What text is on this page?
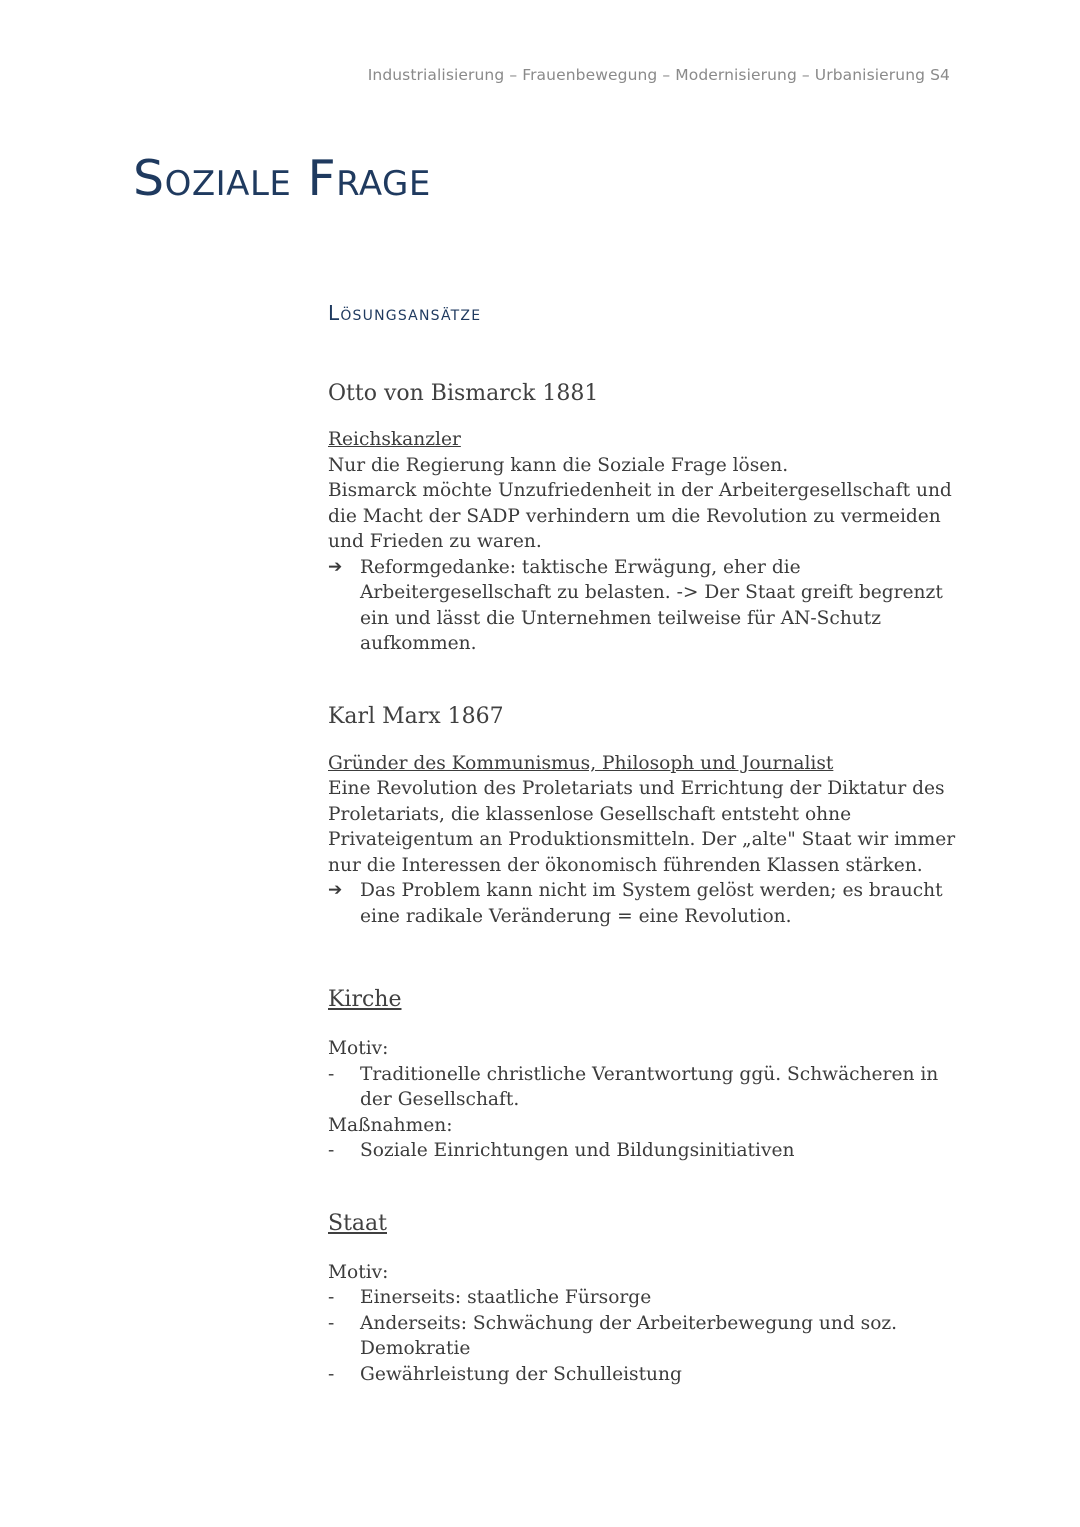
Industrialisierung – Frauenbewegung – Modernisierung – Urbanisierung S4
Soziale Frage
Lösungsansätze
Otto von Bismarck 1881
Reichskanzler

Nur die Regierung kann die Soziale Frage lösen.

Bismarck möchte Unzufriedenheit in der Arbeitergesellschaft und

die Macht der SADP verhindern um die Revolution zu vermeiden

und Frieden zu waren.

➔ Reformgedanke: taktische Erwägung, eher die
Arbeitergesellschaft zu belasten. -> Der Staat greift begrenzt
ein und lässt die Unternehmen teilweise für AN-Schutz
aufkommen.
Karl Marx 1867
Gründer des Kommunismus, Philosoph und Journalist

Eine Revolution des Proletariats und Errichtung der Diktatur des

Proletariats, die klassenlose Gesellschaft entsteht ohne

Privateigentum an Produktionsmitteln. Der „alte" Staat wir immer

nur die Interessen der ökonomisch führenden Klassen stärken.

➔ Das Problem kann nicht im System gelöst werden; es braucht
eine radikale Veränderung = eine Revolution.
Kirche

Motiv:

- Traditionelle christliche Verantwortung ggü. Schwächeren in
der Gesellschaft.

Maßnahmen:

- Soziale Einrichtungen und Bildungsinitiativen
Staat

Motiv:

- Einerseits: staatliche Fürsorge
- Anderseits: Schwächung der Arbeiterbewegung und soz.
Demokratie
- Gewährleistung der Schulleistung
